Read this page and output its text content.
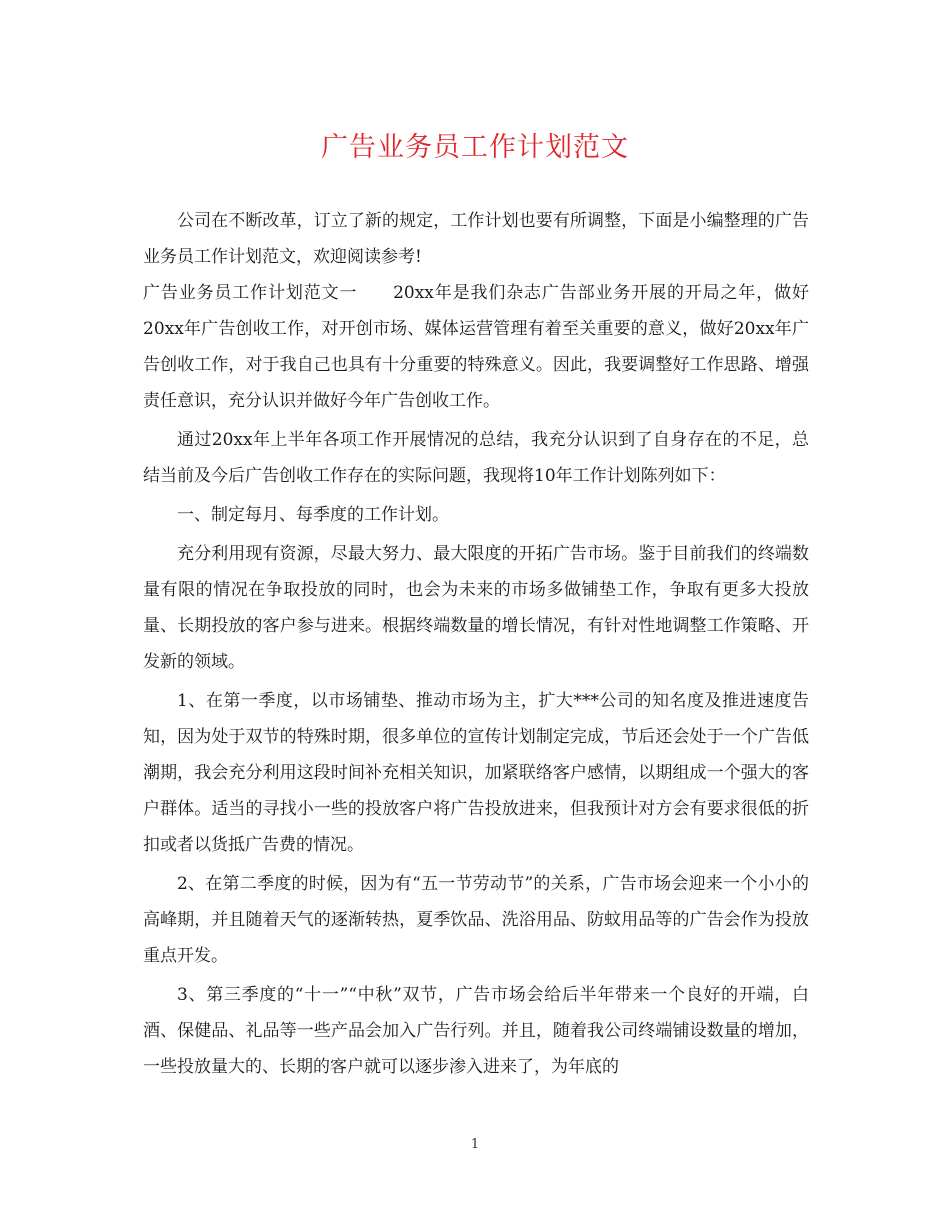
广告业务员工作计划范文

公司在不断改革，订立了新的规定，工作计划也要有所调整，下面是小编整理的广告业务员工作计划范文，欢迎阅读参考!

广告业务员工作计划范文一　　20xx年是我们杂志广告部业务开展的开局之年，做好20xx年广告创收工作，对开创市场、媒体运营管理有着至关重要的意义，做好20xx年广告创收工作，对于我自己也具有十分重要的特殊意义。因此，我要调整好工作思路、增强责任意识，充分认识并做好今年广告创收工作。

通过20xx年上半年各项工作开展情况的总结，我充分认识到了自身存在的不足，总结当前及今后广告创收工作存在的实际问题，我现将10年工作计划陈列如下：

一、制定每月、每季度的工作计划。

充分利用现有资源，尽最大努力、最大限度的开拓广告市场。鉴于目前我们的终端数量有限的情况在争取投放的同时，也会为未来的市场多做铺垫工作，争取有更多大投放量、长期投放的客户参与进来。根据终端数量的增长情况，有针对性地调整工作策略、开发新的领域。

1、在第一季度，以市场铺垫、推动市场为主，扩大***公司的知名度及推进速度告知，因为处于双节的特殊时期，很多单位的宣传计划制定完成，节后还会处于一个广告低潮期，我会充分利用这段时间补充相关知识，加紧联络客户感情，以期组成一个强大的客户群体。适当的寻找小一些的投放客户将广告投放进来，但我预计对方会有要求很低的折扣或者以货抵广告费的情况。

2、在第二季度的时候，因为有“五一节劳动节”的关系，广告市场会迎来一个小小的高峰期，并且随着天气的逐渐转热，夏季饮品、洗浴用品、防蚊用品等的广告会作为投放重点开发。

3、第三季度的“十一”“中秋”双节，广告市场会给后半年带来一个良好的开端，白酒、保健品、礼品等一些产品会加入广告行列。并且，随着我公司终端铺设数量的增加，一些投放量大的、长期的客户就可以逐步渗入进来了，为年底的

1
